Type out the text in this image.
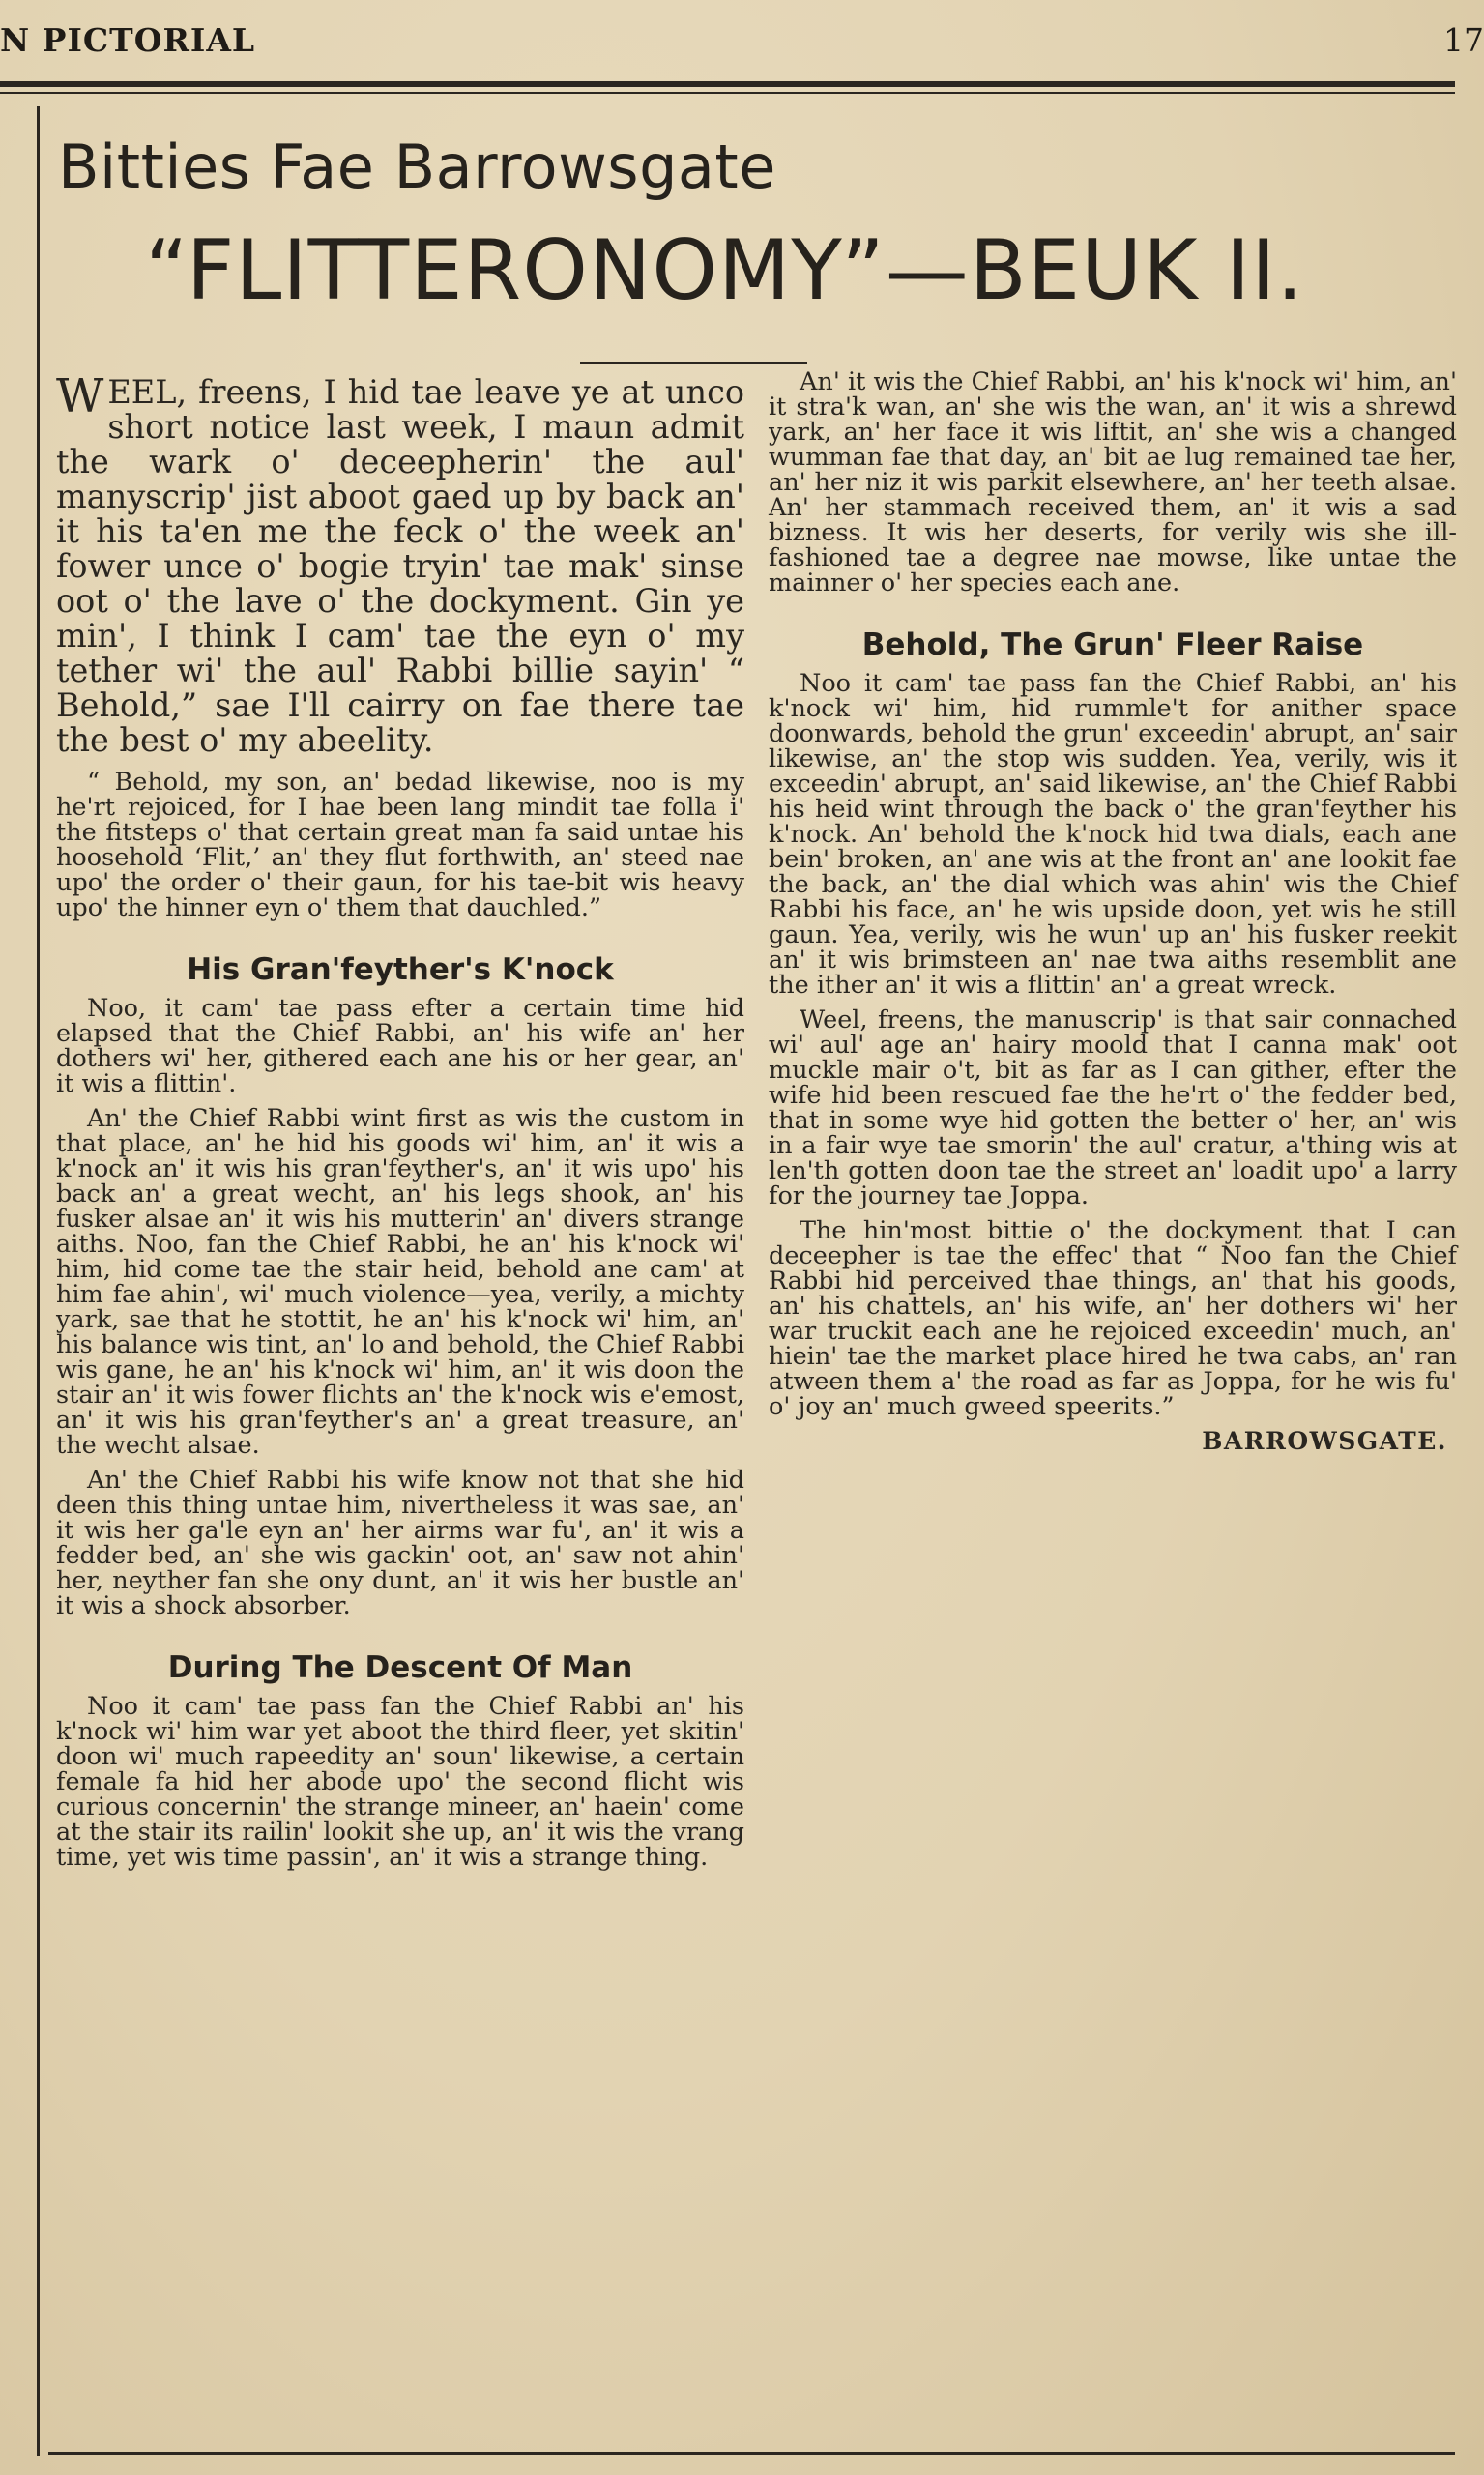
N PICTORIAL	17
Bitties Fae Barrowsgate
“FLITTERONOMY”—BEUK II.
W EEL, freens, I hid tae leave ye at unco short notice last week, I maun admit the wark o' decеepherin' the aul' manyscrip' jist aboot gaed up by back an' it his ta'en me the feck o' the week an' fower unce o' bogie tryin' tae mak' sinse oot o' the lave o' the dockyment. Gin ye min', I think I cam' tae the eyn o' my tether wi' the aul' Rabbi billie sayin' “ Behold,” sae I'll cairry on fae there tae the best o' my abeelity.

“ Behold, my son, an' bedad likewise, noo is my he'rt rejoiced, for I hae been lang mindit tae folla i' the fitsteps o' that certain great man fa said untae his hoosehold ‘Flit,’ an' they flut forthwith, an' steed nae upo' the order o' their gaun, for his tae-bit wis heavy upo' the hinner eyn o' them that dauchled.”

His Gran'feyther's K'nock

Noo, it cam' tae pass efter a certain time hid elapsed that the Chief Rabbi, an' his wife an' her dothers wi' her, githered each ane his or her gear, an' it wis a flittin'.

An' the Chief Rabbi wint first as wis the custom in that place, an' he hid his goods wi' him, an' it wis a k'nock an' it wis his gran'feyther's, an' it wis upo' his back an' a great wecht, an' his legs shook, an' his fusker alsae an' it wis his mutterin' an' divers strange aiths. Noo, fan the Chief Rabbi, he an' his k'nock wi' him, hid come tae the stair heid, behold ane cam' at him fae ahin', wi' much violence—yea, verily, a michty yark, sae that he stottit, he an' his k'nock wi' him, an' his balance wis tint, an' lo and behold, the Chief Rabbi wis gane, he an' his k'nock wi' him, an' it wis doon the stair an' it wis fower flichts an' the k'nock wis e'emost, an' it wis his gran'feyther's an' a great treasure, an' the wecht alsae.

An' the Chief Rabbi his wife know not that she hid deen this thing untae him, nivertheless it was sae, an' it wis her ga'le eyn an' her airms war fu', an' it wis a fedder bed, an' she wis gackin' oot, an' saw not ahin' her, neyther fan she ony dunt, an' it wis her bustle an' it wis a shock absorber.

During The Descent Of Man

Noo it cam' tae pass fan the Chief Rabbi an' his k'nock wi' him war yet aboot the third fleer, yet skitin' doon wi' much rapeedity an' soun' likewise, a certain female fa hid her abode upo' the second flicht wis curious concernin' the strange mineer, an' haein' come at the stair its railin' lookit she up, an' it wis the vrang time, yet wis time passin', an' it wis a strange thing.

An' it wis the Chief Rabbi, an' his k'nock wi' him, an' it stra'k wan, an' she wis the wan, an' it wis a shrewd yark, an' her face it wis liftit, an' she wis a changed wumman fae that day, an' bit ae lug remained tae her, an' her niz it wis parkit elsewhere, an' her teeth alsae. An' her stammach received them, an' it wis a sad bizness. It wis her deserts, for verily wis she ill-fashioned tae a degree nae mowse, like untae the mainner o' her species each ane.

Behold, The Grun' Fleer Raise

Noo it cam' tae pass fan the Chief Rabbi, an' his k'nock wi' him, hid rummle't for anither space doonwards, behold the grun' exceedin' abrupt, an' sair likewise, an' the stop wis sudden. Yea, verily, wis it exceedin' abrupt, an' said likewise, an' the Chief Rabbi his heid wint through the back o' the gran'feyther his k'nock. An' behold the k'nock hid twa dials, each ane bein' broken, an' ane wis at the front an' ane lookit fae the back, an' the dial which was ahin' wis the Chief Rabbi his face, an' he wis upside doon, yet wis he still gaun. Yea, verily, wis he wun' up an' his fusker reekit an' it wis brimsteen an' nae twa aiths resemblit ane the ither an' it wis a flittin' an' a great wreck.

Weel, freens, the manuscrip' is that sair connached wi' aul' age an' hairy moold that I canna mak' oot muckle mair o't, bit as far as I can gither, efter the wife hid been rescued fae the he'rt o' the fedder bed, that in some wye hid gotten the better o' her, an' wis in a fair wye tae smorin' the aul' cratur, a'thing wis at len'th gotten doon tae the street an' loadit upo' a larry for the journey tae Joppa.

The hin'most bittie o' the dockyment that I can deceepher is tae the effec' that “ Noo fan the Chief Rabbi hid perceived thae things, an' that his goods, an' his chattels, an' his wife, an' her dothers wi' her war truckit each ane he rejoiced exceedin' much, an' hiein' tae the market place hired he twa cabs, an' ran atween them a' the road as far as Joppa, for he wis fu' o' joy an' much gweed speerits.”

BARROWSGATE.
